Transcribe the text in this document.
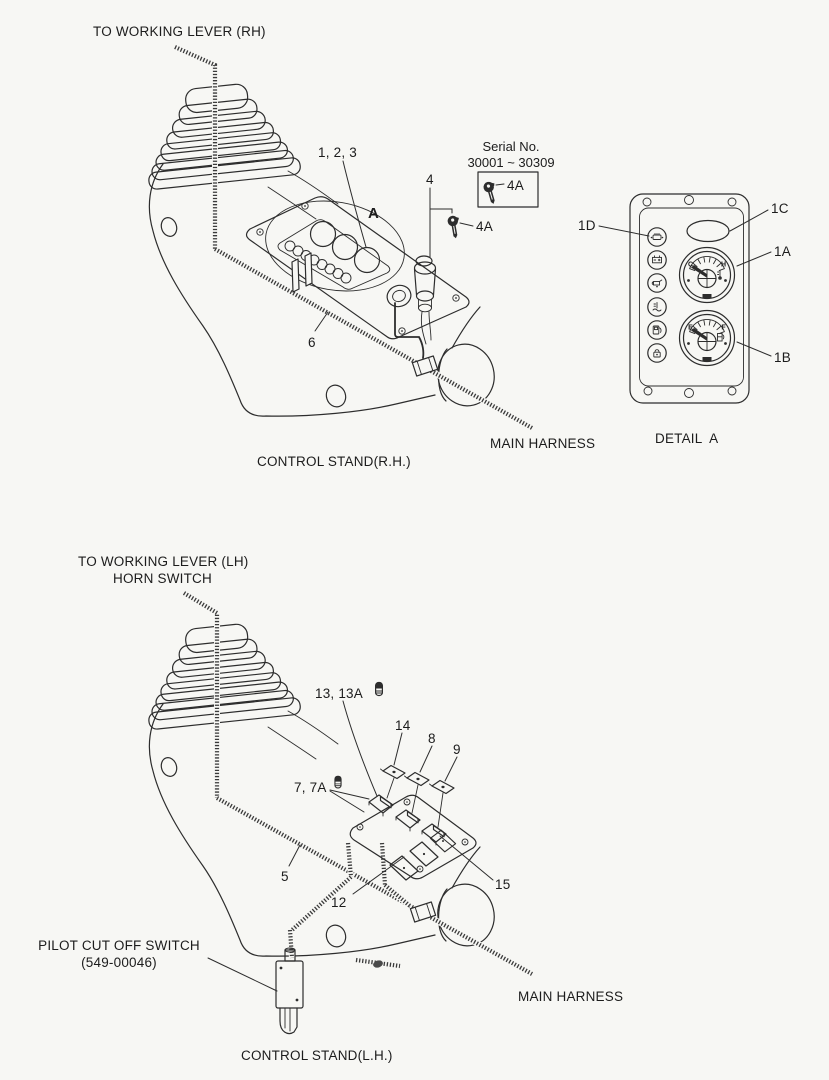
Serial No.
30001 ~ 30309
4A
4A
TO WORKING LEVER (RH)
1, 2, 3
A
4
6
MAIN HARNESS
CONTROL STAND(R.H.)
C	H
E	F
1D
1C
1A
1B
DETAIL  A
TO WORKING LEVER (LH)
HORN SWITCH
13, 13A
14
8
9
7, 7A
5
12
15
PILOT CUT OFF SWITCH
(549-00046)
MAIN HARNESS
CONTROL STAND(L.H.)
